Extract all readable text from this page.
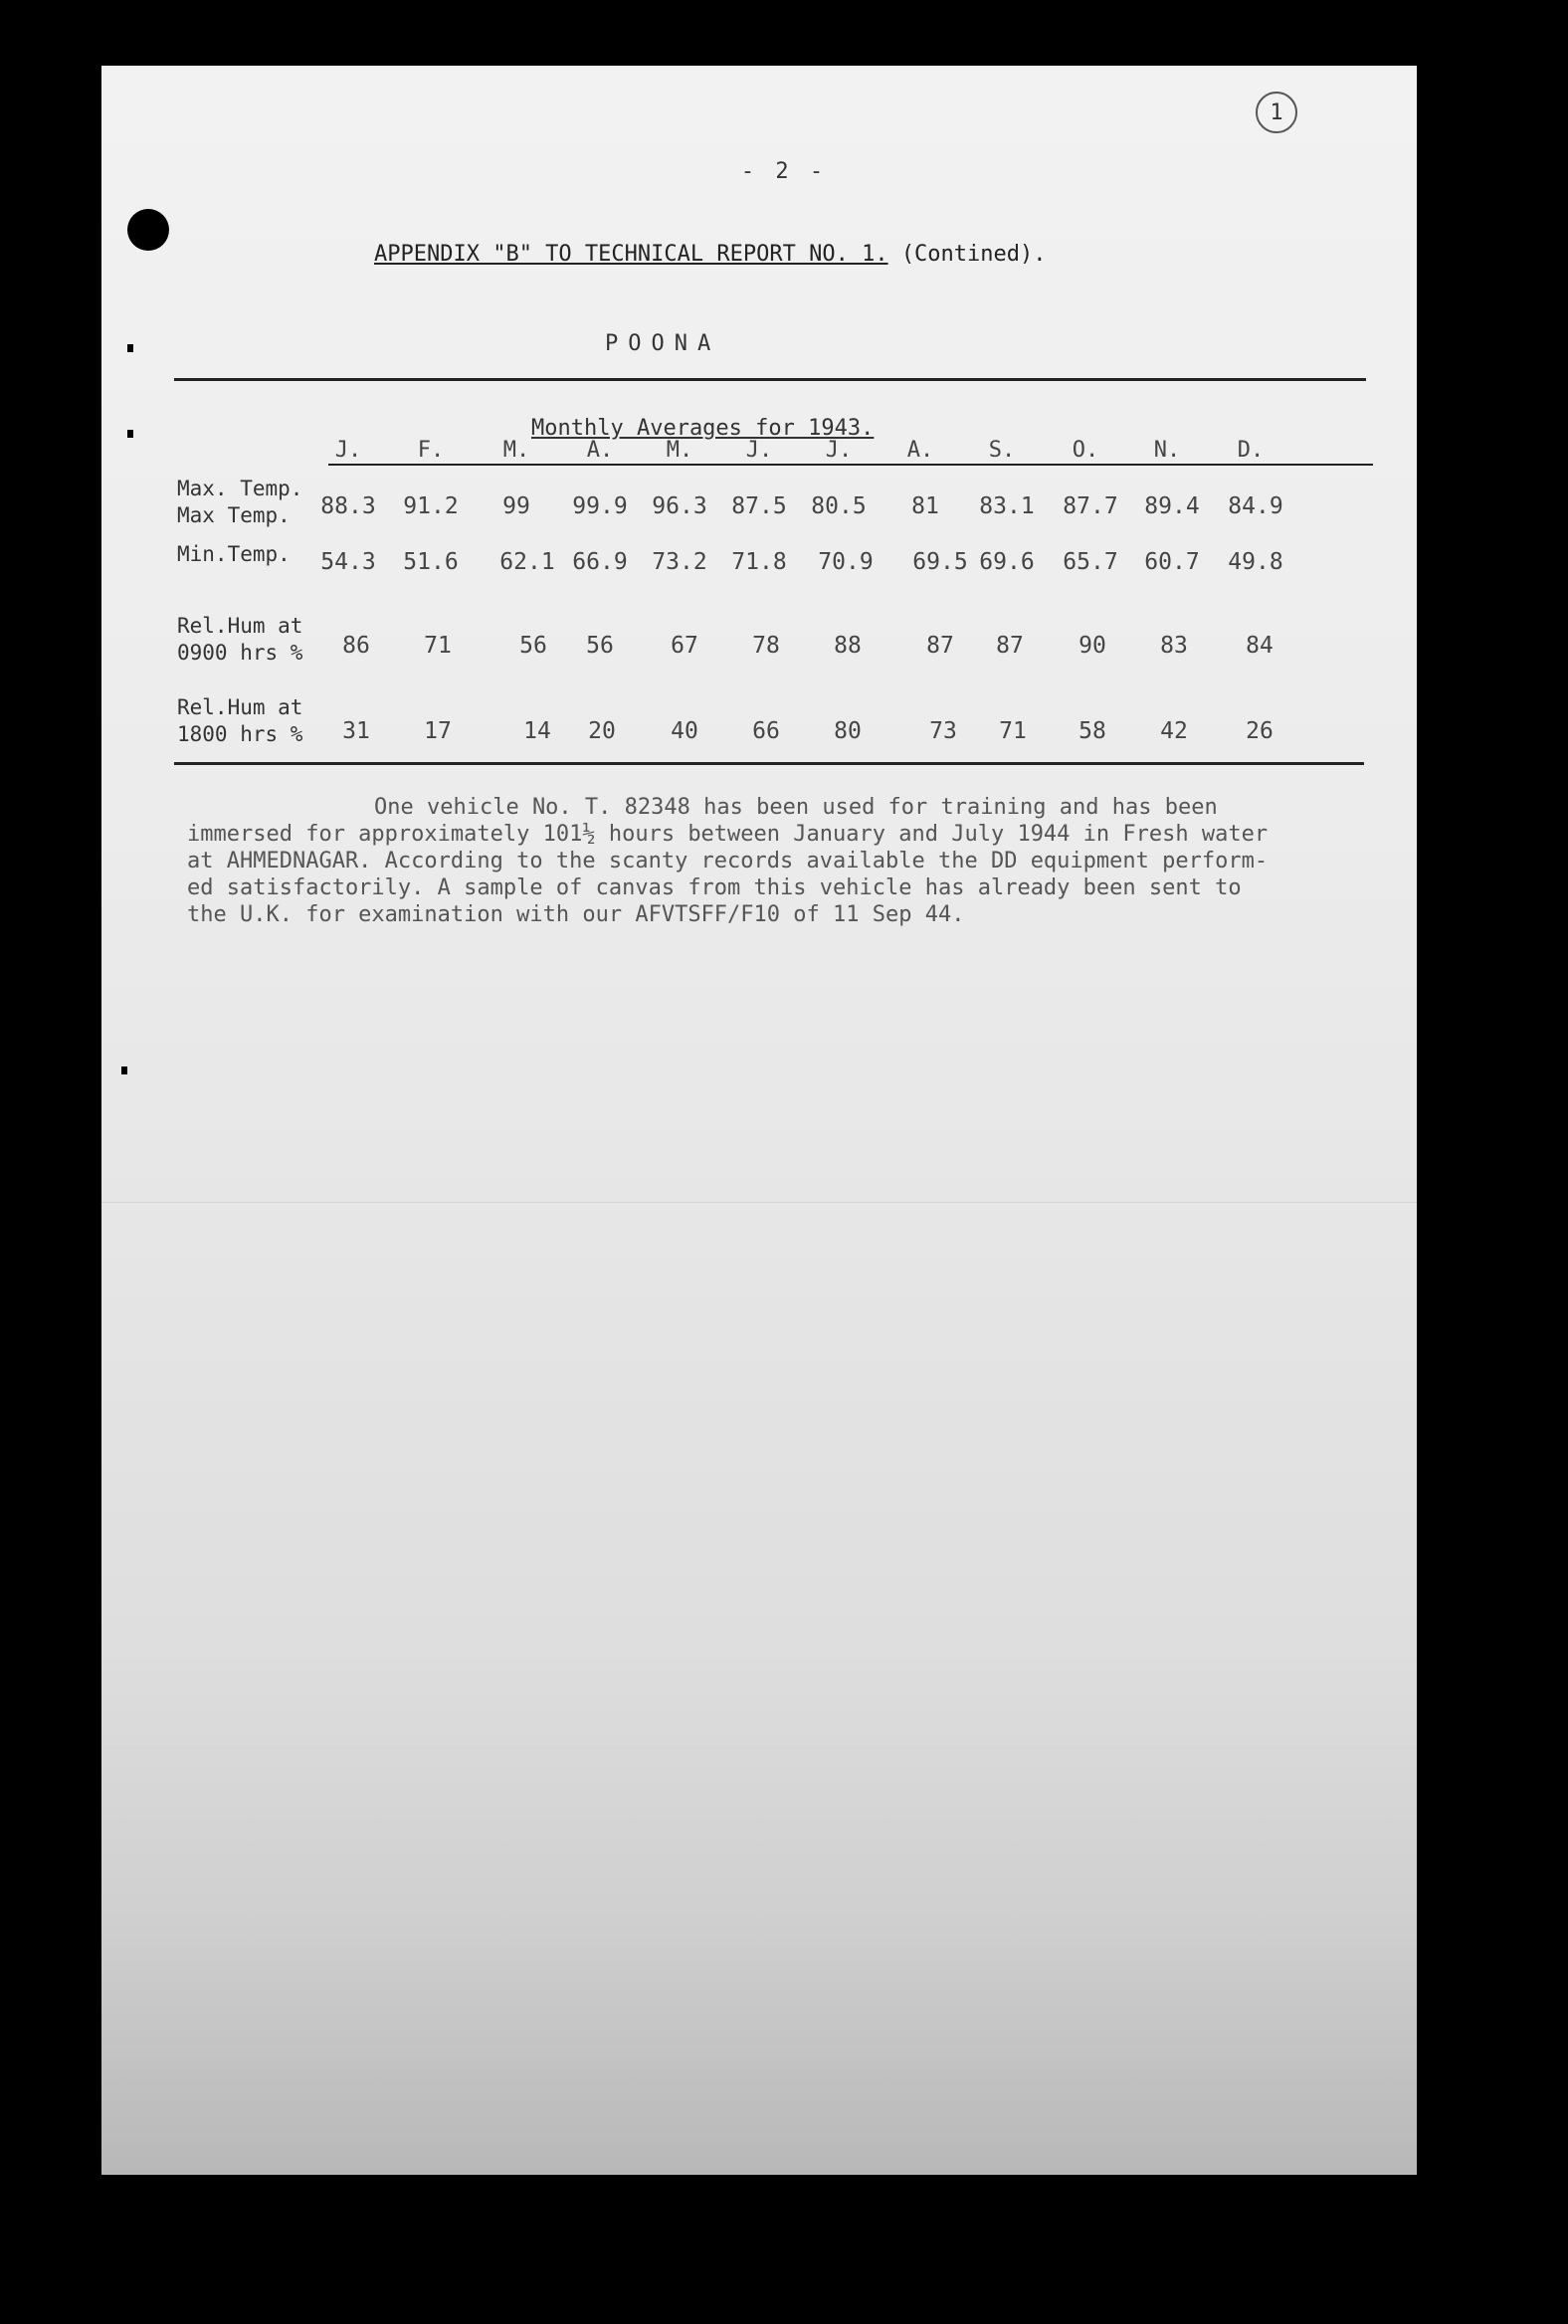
- 2 -
1
APPENDIX "B" TO TECHNICAL REPORT NO. 1. (Contined).
POONA
Monthly Averages for 1943.
J.	F.	M.	A.	M.	J.	J.	A.	S.	O.	N.	D.
Max. Temp.
Max Temp.	88.3	91.2	99	99.9	96.3	87.5	80.5	81	83.1	87.7	89.4	84.9
Min.Temp.	54.3	51.6	62.1 66.9	73.2	71.8	70.9	69.5 69.6	65.7	60.7	49.8
Rel.Hum at
0900 hrs %	86	71	56	56	67	78	88	87	87	90	83	84
Rel.Hum at
1800 hrs %	31	17	14	20	40	66	80	73	71	58	42	26
One vehicle No. T. 82348 has been used for training and has been
immersed for approximately 101½ hours between January and July 1944 in Fresh water
at AHMEDNAGAR. According to the scanty records available the DD equipment perform-
ed satisfactorily. A sample of canvas from this vehicle has already been sent to
the U.K. for examination with our AFVTSFF/F10 of 11 Sep 44.
